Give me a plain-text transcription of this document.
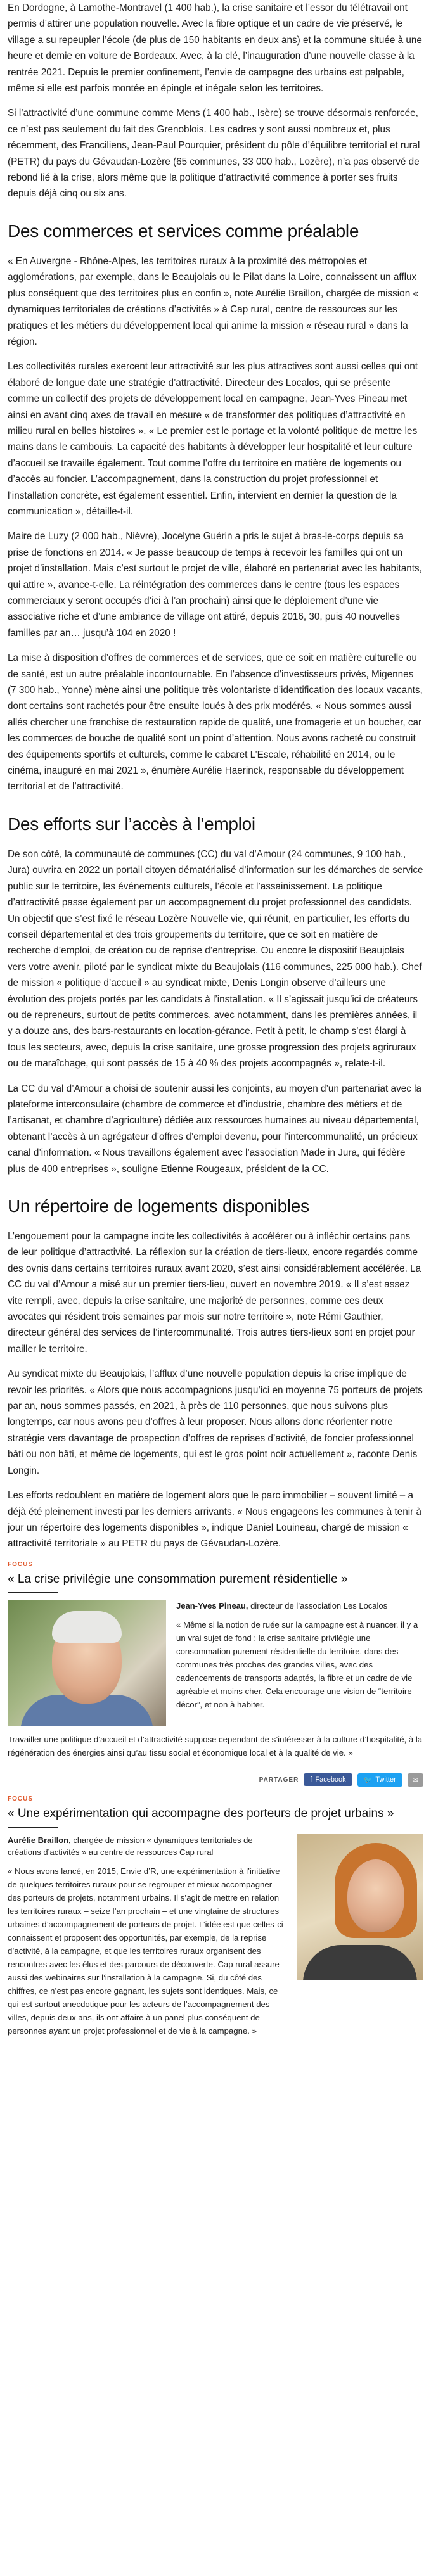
En Dordogne, à Lamothe-Montravel (1 400 hab.), la crise sanitaire et l’essor du télétravail ont permis d’attirer une population nouvelle. Avec la fibre optique et un cadre de vie préservé, le village a su repeupler l’école (de plus de 150 habitants en deux ans) et la commune située à une heure et demie en voiture de Bordeaux. Avec, à la clé, l’inauguration d’une nouvelle classe à la rentrée 2021. Depuis le premier confinement, l’envie de campagne des urbains est palpable, même si elle est parfois montée en épingle et inégale selon les territoires.

Si l’attractivité d’une commune comme Mens (1 400 hab., Isère) se trouve désormais renforcée, ce n’est pas seulement du fait des Grenoblois. Les cadres y sont aussi nombreux et, plus récemment, des Franciliens, Jean-Paul Pourquier, président du pôle d’équilibre territorial et rural (PETR) du pays du Gévaudan-Lozère (65 communes, 33 000 hab., Lozère), n’a pas observé de rebond lié à la crise, alors même que la politique d’attractivité commence à porter ses fruits depuis déjà cinq ou six ans.

Des commerces et services comme préalable

« En Auvergne - Rhône-Alpes, les territoires ruraux à la proximité des métropoles et agglomérations, par exemple, dans le Beaujolais ou le Pilat dans la Loire, connaissent un afflux plus conséquent que des territoires plus en confin », note Aurélie Braillon, chargée de mission « dynamiques territoriales de créations d’activités » à Cap rural, centre de ressources sur les pratiques et les métiers du développement local qui anime la mission « réseau rural » dans la région.

Les collectivités rurales exercent leur attractivité sur les plus attractives sont aussi celles qui ont élaboré de longue date une stratégie d’attractivité. Directeur des Localos, qui se présente comme un collectif des projets de développement local en campagne, Jean-Yves Pineau met ainsi en avant cinq axes de travail en mesure « de transformer des politiques d’attractivité en milieu rural en belles histoires ». « Le premier est le portage et la volonté politique de mettre les mains dans le cambouis. La capacité des habitants à développer leur hospitalité et leur culture d’accueil se travaille également. Tout comme l’offre du territoire en matière de logements ou d’accès au foncier. L’accompagnement, dans la construction du projet professionnel et l’installation concrète, est également essentiel. Enfin, intervient en dernier la question de la communication », détaille-t-il.

Maire de Luzy (2 000 hab., Nièvre), Jocelyne Guérin a pris le sujet à bras-le-corps depuis sa prise de fonctions en 2014. « Je passe beaucoup de temps à recevoir les familles qui ont un projet d’installation. Mais c’est surtout le projet de ville, élaboré en partenariat avec les habitants, qui attire », avance-t-elle. La réintégration des commerces dans le centre (tous les espaces commerciaux y seront occupés d’ici à l’an prochain) ainsi que le déploiement d’une vie associative riche et d’une ambiance de village ont attiré, depuis 2016, 30, puis 40 nouvelles familles par an… jusqu’à 104 en 2020 !

La mise à disposition d’offres de commerces et de services, que ce soit en matière culturelle ou de santé, est un autre préalable incontournable. En l’absence d’investisseurs privés, Migennes (7 300 hab., Yonne) mène ainsi une politique très volontariste d’identification des locaux vacants, dont certains sont rachetés pour être ensuite loués à des prix modérés. « Nous sommes aussi allés chercher une franchise de restauration rapide de qualité, une fromagerie et un boucher, car les commerces de bouche de qualité sont un point d’attention. Nous avons racheté ou construit des équipements sportifs et culturels, comme le cabaret L’Escale, réhabilité en 2014, ou le cinéma, inauguré en mai 2021 », énumère Aurélie Haerinck, responsable du développement territorial et de l’attractivité.

Des efforts sur l’accès à l’emploi

De son côté, la communauté de communes (CC) du val d’Amour (24 communes, 9 100 hab., Jura) ouvrira en 2022 un portail citoyen dématérialisé d’information sur les démarches de service public sur le territoire, les événements culturels, l’école et l’assainissement. La politique d’attractivité passe également par un accompagnement du projet professionnel des candidats. Un objectif que s’est fixé le réseau Lozère Nouvelle vie, qui réunit, en particulier, les efforts du conseil départemental et des trois groupements du territoire, que ce soit en matière de recherche d’emploi, de création ou de reprise d’entreprise. Ou encore le dispositif Beaujolais vers votre avenir, piloté par le syndicat mixte du Beaujolais (116 communes, 225 000 hab.). Chef de mission « politique d’accueil » au syndicat mixte, Denis Longin observe d’ailleurs une évolution des projets portés par les candidats à l’installation. « Il s’agissait jusqu’ici de créateurs ou de repreneurs, surtout de petits commerces, avec notamment, dans les premières années, il y a douze ans, des bars-restaurants en location-gérance. Petit à petit, le champ s’est élargi à tous les secteurs, avec, depuis la crise sanitaire, une grosse progression des projets agriruraux ou de maraîchage, qui sont passés de 15 à 40 % des projets accompagnés », relate-t-il.

La CC du val d’Amour a choisi de soutenir aussi les conjoints, au moyen d’un partenariat avec la plateforme interconsulaire (chambre de commerce et d’industrie, chambre des métiers et de l’artisanat, et chambre d’agriculture) dédiée aux ressources humaines au niveau départemental, obtenant l’accès à un agrégateur d’offres d’emploi devenu, pour l’intercommunalité, un précieux canal d’information. « Nous travaillons également avec l’association Made in Jura, qui fédère plus de 400 entreprises », souligne Etienne Rougeaux, président de la CC.

Un répertoire de logements disponibles

L’engouement pour la campagne incite les collectivités à accélérer ou à infléchir certains pans de leur politique d’attractivité. La réflexion sur la création de tiers-lieux, encore regardés comme des ovnis dans certains territoires ruraux avant 2020, s’est ainsi considérablement accélérée. La CC du val d’Amour a misé sur un premier tiers-lieu, ouvert en novembre 2019. « Il s’est assez vite rempli, avec, depuis la crise sanitaire, une majorité de personnes, comme ces deux avocates qui résident trois semaines par mois sur notre territoire », note Rémi Gauthier, directeur général des services de l’intercommunalité. Trois autres tiers-lieux sont en projet pour mailler le territoire.

Au syndicat mixte du Beaujolais, l’afflux d’une nouvelle population depuis la crise implique de revoir les priorités. « Alors que nous accompagnions jusqu’ici en moyenne 75 porteurs de projets par an, nous sommes passés, en 2021, à près de 110 personnes, que nous suivons plus longtemps, car nous avons peu d’offres à leur proposer. Nous allons donc réorienter notre stratégie vers davantage de prospection d’offres de reprises d’activité, de foncier professionnel bâti ou non bâti, et même de logements, qui est le gros point noir actuellement », raconte Denis Longin.

Les efforts redoublent en matière de logement alors que le parc immobilier – souvent limité – a déjà été pleinement investi par les derniers arrivants. « Nous engageons les communes à tenir à jour un répertoire des logements disponibles », indique Daniel Louineau, chargé de mission « attractivité territoriale » au PETR du pays de Gévaudan-Lozère.

FOCUS
« La crise privilégie une consommation purement résidentielle »
Jean-Yves Pineau, directeur de l’association Les Localos

« Même si la notion de ruée sur la campagne est à nuancer, il y a un vrai sujet de fond : la crise sanitaire privilégie une consommation purement résidentielle du territoire, dans des communes très proches des grandes villes, avec des cadencements de transports adaptés, la fibre et un cadre de vie agréable et moins cher. Cela encourage une vision de “territoire décor”, et non à habiter.

Travailler une politique d’accueil et d’attractivité suppose cependant de s’intéresser à la culture d’hospitalité, à la régénération des énergies ainsi qu’au tissu social et économique local et à la qualité de vie. »

PARTAGER f Facebook	🐦 Twitter ✉
FOCUS
« Une expérimentation qui accompagne des porteurs de projet urbains »
Aurélie Braillon, chargée de mission « dynamiques territoriales de créations d’activités » au centre de ressources Cap rural

« Nous avons lancé, en 2015, Envie d’R, une expérimentation à l’initiative de quelques territoires ruraux pour se regrouper et mieux accompagner des porteurs de projets, notamment urbains. Il s’agit de mettre en relation les territoires ruraux – seize l’an prochain – et une vingtaine de structures urbaines d’accompagnement de porteurs de projet. L’idée est que celles-ci connaissent et proposent des opportunités, par exemple, de la reprise d’activité, à la campagne, et que les territoires ruraux organisent des rencontres avec les élus et des parcours de découverte. Cap rural assure aussi des webinaires sur l’installation à la campagne. Si, du côté des chiffres, ce n’est pas encore gagnant, les sujets sont identiques. Mais, ce qui est surtout anecdotique pour les acteurs de l’accompagnement des villes, depuis deux ans, ils ont affaire à un panel plus conséquent de personnes ayant un projet professionnel et de vie à la campagne. »
